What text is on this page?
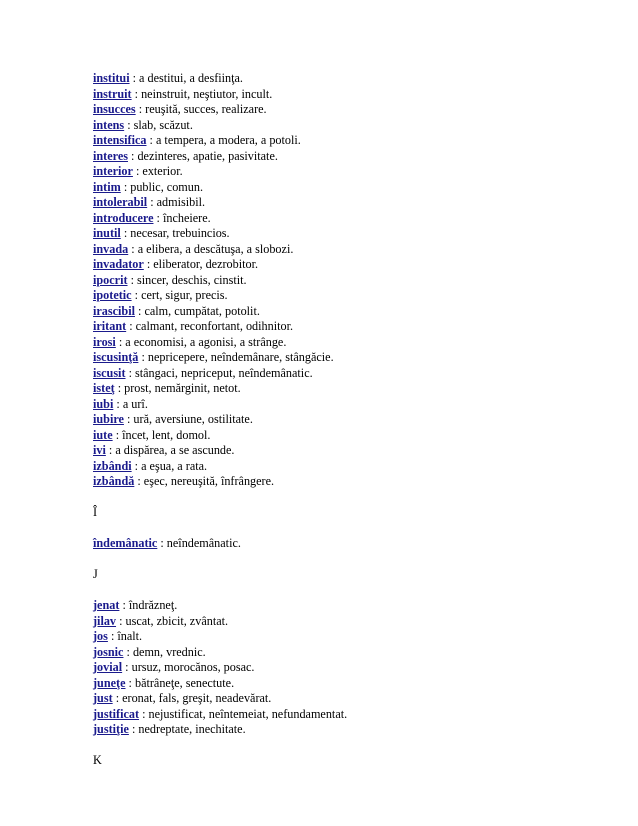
institui : a destitui, a desfiinţa.
instruit : neinstruit, neştiutor, incult.
insucces : reuşită, succes, realizare.
intens : slab, scăzut.
intensifica : a tempera, a modera, a potoli.
interes : dezinteres, apatie, pasivitate.
interior : exterior.
intim : public, comun.
intolerabil : admisibil.
introducere : încheiere.
inutil : necesar, trebuincios.
invada : a elibera, a descătuşa, a slobozi.
invadator : eliberator, dezrobitor.
ipocrit : sincer, deschis, cinstit.
ipotetic : cert, sigur, precis.
irascibil : calm, cumpătat, potolit.
iritant : calmant, reconfortant, odihnitor.
irosi : a economisi, a agonisi, a strânge.
iscusinţă : nepricepere, neîndemânare, stângăcie.
iscusit : stângaci, nepriceput, neîndemânatic.
isteţ : prost, nemărginit, netot.
iubi : a urî.
iubire : ură, aversiune, ostilitate.
iute : încet, lent, domol.
ivi : a dispărea, a se ascunde.
izbândi : a eşua, a rata.
izbândă : eşec, nereuşită, înfrângere.
Î
îndemânatic : neîndemânatic.
J
jenat : îndrăzneţ.
jilav : uscat, zbicit, zvântat.
jos : înalt.
josnic : demn, vrednic.
jovial : ursuz, morocănos, posac.
juneţe : bătrâneţe, senectute.
just : eronat, fals, greşit, neadevărat.
justificat : nejustificat, neîntemeiat, nefundamentat.
justiţie : nedreptate, inechitate.
K
